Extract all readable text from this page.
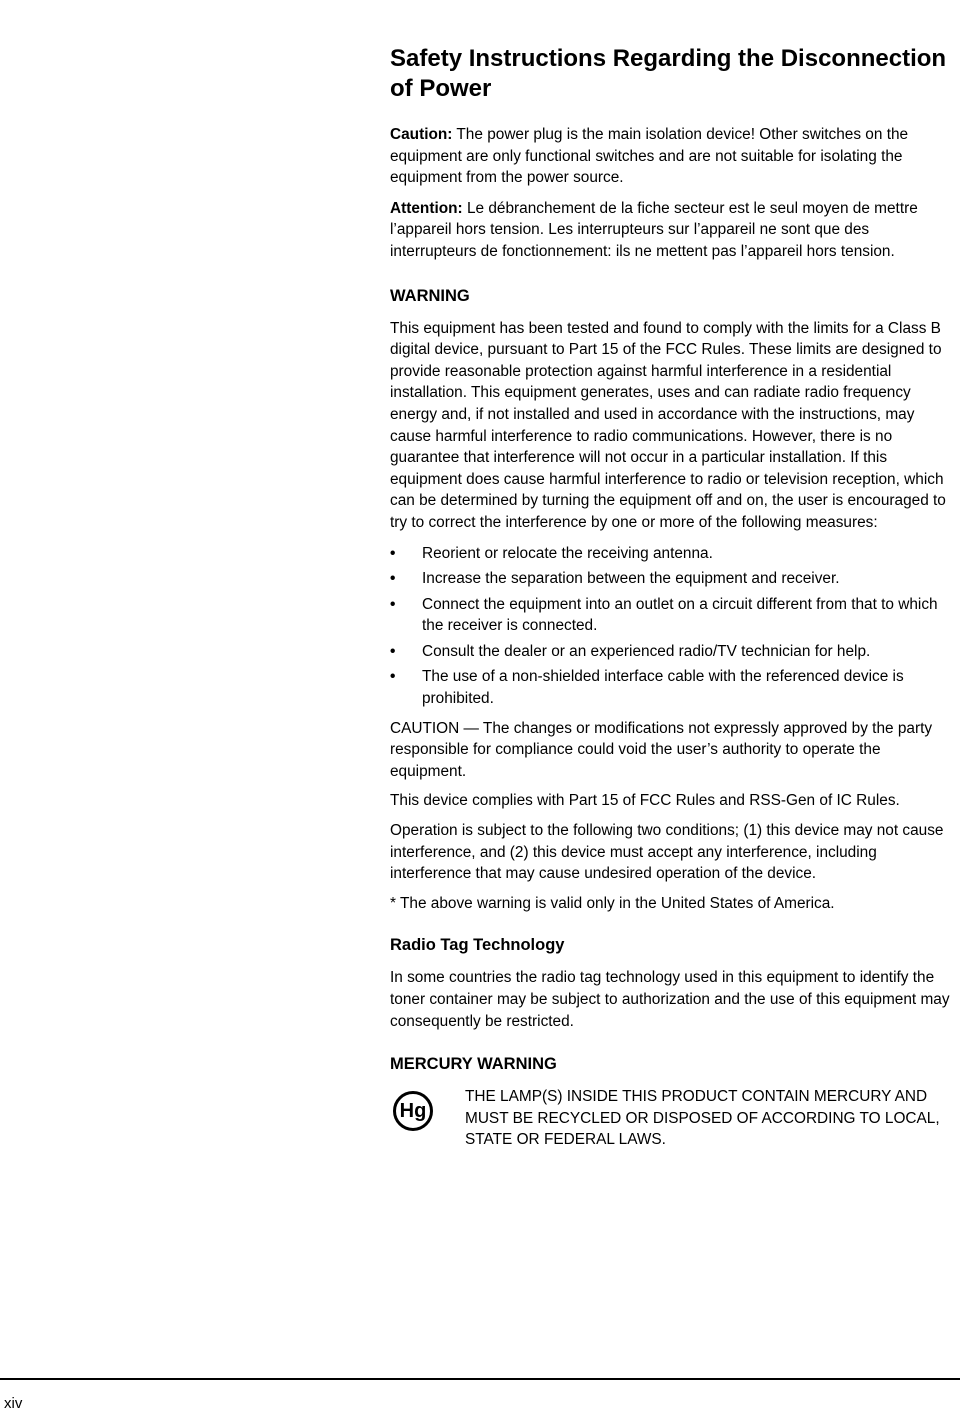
Safety Instructions Regarding the Disconnection of Power

Caution: The power plug is the main isolation device! Other switches on the equipment are only functional switches and are not suitable for isolating the equipment from the power source.

Attention: Le débranchement de la fiche secteur est le seul moyen de mettre l’appareil hors tension. Les interrupteurs sur l’appareil ne sont que des interrupteurs de fonctionnement: ils ne mettent pas l’appareil hors tension.

WARNING

This equipment has been tested and found to comply with the limits for a Class B digital device, pursuant to Part 15 of the FCC Rules. These limits are designed to provide reasonable protection against harmful interference in a residential installation. This equipment generates, uses and can radiate radio frequency energy and, if not installed and used in accordance with the instructions, may cause harmful interference to radio communications. However, there is no guarantee that interference will not occur in a particular installation. If this equipment does cause harmful interference to radio or television reception, which can be determined by turning the equipment off and on, the user is encouraged to try to correct the interference by one or more of the following measures:

• Reorient or relocate the receiving antenna.
• Increase the separation between the equipment and receiver.
• Connect the equipment into an outlet on a circuit different from that to which the receiver is connected.
• Consult the dealer or an experienced radio/TV technician for help.
• The use of a non-shielded interface cable with the referenced device is prohibited.

CAUTION — The changes or modifications not expressly approved by the party responsible for compliance could void the user’s authority to operate the equipment.

This device complies with Part 15 of FCC Rules and RSS-Gen of IC Rules.

Operation is subject to the following two conditions; (1) this device may not cause interference, and (2) this device must accept any interference, including interference that may cause undesired operation of the device.

* The above warning is valid only in the United States of America.

Radio Tag Technology

In some countries the radio tag technology used in this equipment to identify the toner container may be subject to authorization and the use of this equipment may consequently be restricted.

MERCURY WARNING
Hg
THE LAMP(S) INSIDE THIS PRODUCT CONTAIN MERCURY AND MUST BE RECYCLED OR DISPOSED OF ACCORDING TO LOCAL, STATE OR FEDERAL LAWS.
xiv
